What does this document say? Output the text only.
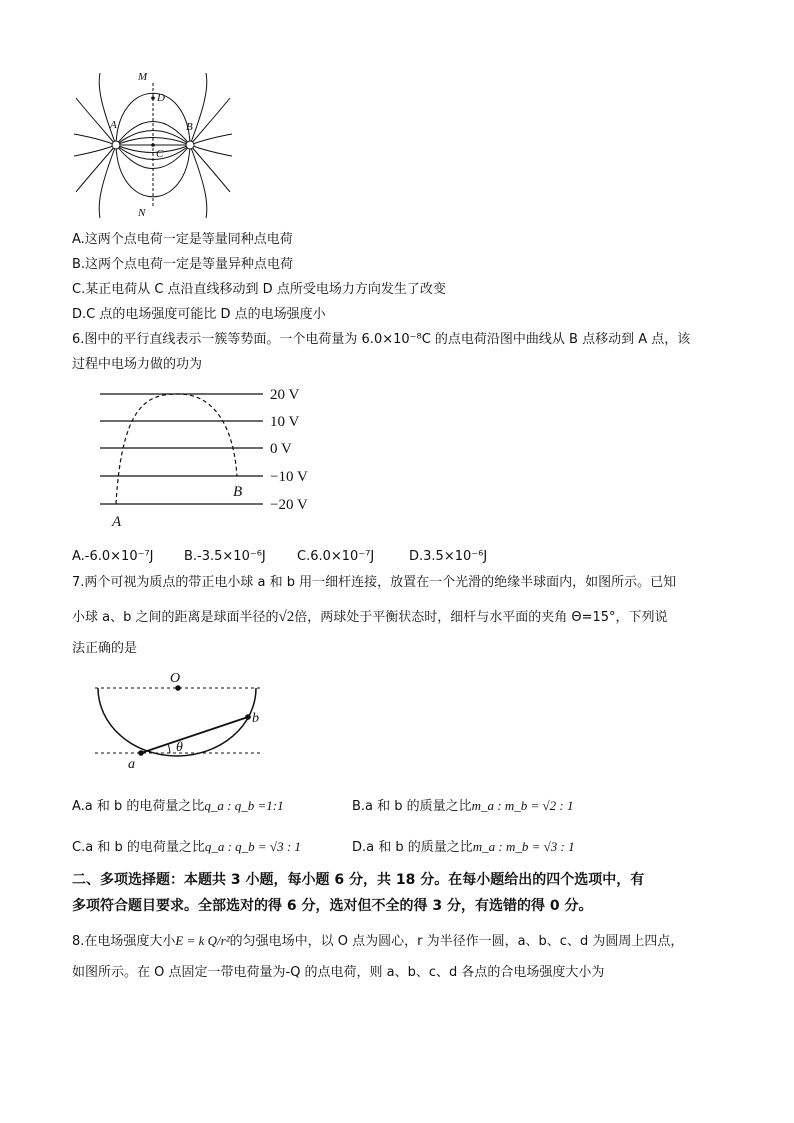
M
D
A	B
C
N
A.这两个点电荷一定是等量同种点电荷
B.这两个点电荷一定是等量异种点电荷
C.某正电荷从 C 点沿直线移动到 D 点所受电场力方向发生了改变
D.C 点的电场强度可能比 D 点的电场强度小
6.图中的平行直线表示一簇等势面。一个电荷量为 6.0×10⁻⁸C 的点电荷沿图中曲线从 B 点移动到 A 点，该
过程中电场力做的功为
20 V
10 V
0 V
−10 V
−20 V
B
A
A.-6.0×10⁻⁷J B.-3.5×10⁻⁶J C.6.0×10⁻⁷J	D.3.5×10⁻⁶J
7.两个可视为质点的带正电小球 a 和 b 用一细杆连接，放置在一个光滑的绝缘半球面内，如图所示。已知
小球 a、b 之间的距离是球面半径的√2倍，两球处于平衡状态时，细杆与水平面的夹角 Θ=15°，下列说
法正确的是
O
a
b
θ
A.a 和 b 的电荷量之比q_a : q_b =1:1	B.a 和 b 的质量之比m_a : m_b = √2 : 1
C.a 和 b 的电荷量之比q_a : q_b = √3 : 1	D.a 和 b 的质量之比m_a : m_b = √3 : 1
二、多项选择题：本题共 3 小题，每小题 6 分，共 18 分。在每小题给出的四个选项中，有
多项符合题目要求。全部选对的得 6 分，选对但不全的得 3 分，有选错的得 0 分。
8.在电场强度大小E = k Q/r²的匀强电场中，以 O 点为圆心，r 为半径作一圆，a、b、c、d 为圆周上四点，
如图所示。在 O 点固定一带电荷量为-Q 的点电荷，则 a、b、c、d 各点的合电场强度大小为
